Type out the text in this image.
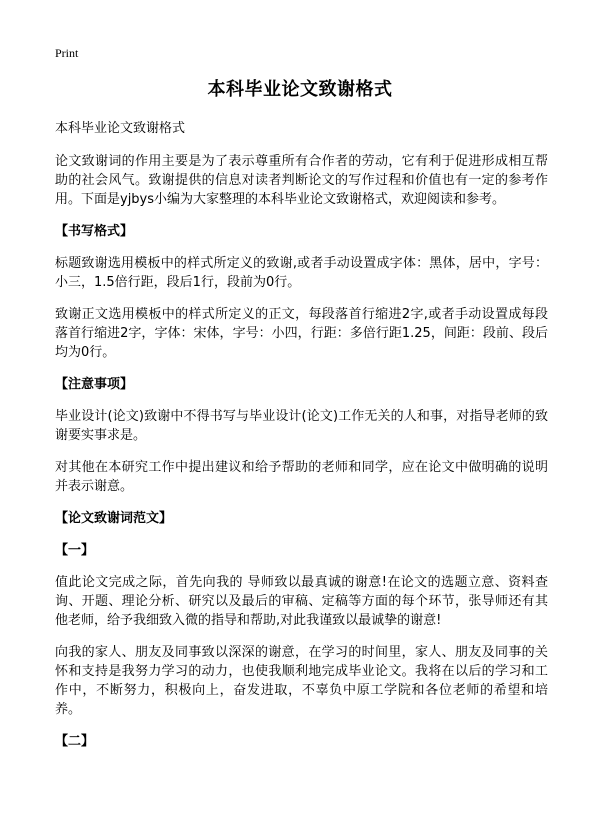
Print
本科毕业论文致谢格式

本科毕业论文致谢格式

论文致谢词的作用主要是为了表示尊重所有合作者的劳动，它有利于促进形成相互帮助的社会风气。致谢提供的信息对读者判断论文的写作过程和价值也有一定的参考作用。下面是yjbys小编为大家整理的本科毕业论文致谢格式，欢迎阅读和参考。

【书写格式】

标题致谢选用模板中的样式所定义的致谢,或者手动设置成字体：黑体，居中，字号：小三，1.5倍行距，段后1行，段前为0行。

致谢正文选用模板中的样式所定义的正文，每段落首行缩进2字,或者手动设置成每段落首行缩进2字，字体：宋体，字号：小四，行距：多倍行距1.25，间距：段前、段后均为0行。

【注意事项】

毕业设计(论文)致谢中不得书写与毕业设计(论文)工作无关的人和事，对指导老师的致谢要实事求是。

对其他在本研究工作中提出建议和给予帮助的老师和同学，应在论文中做明确的说明并表示谢意。

【论文致谢词范文】

【一】

值此论文完成之际，首先向我的 导师致以最真诚的谢意!在论文的选题立意、资料查询、开题、理论分析、研究以及最后的审稿、定稿等方面的每个环节，张导师还有其他老师，给予我细致入微的指导和帮助,对此我谨致以最诚挚的谢意!

向我的家人、朋友及同事致以深深的谢意，在学习的时间里，家人、朋友及同事的关怀和支持是我努力学习的动力，也使我顺利地完成毕业论文。我将在以后的学习和工作中，不断努力，积极向上，奋发进取，不辜负中原工学院和各位老师的希望和培养。

【二】
